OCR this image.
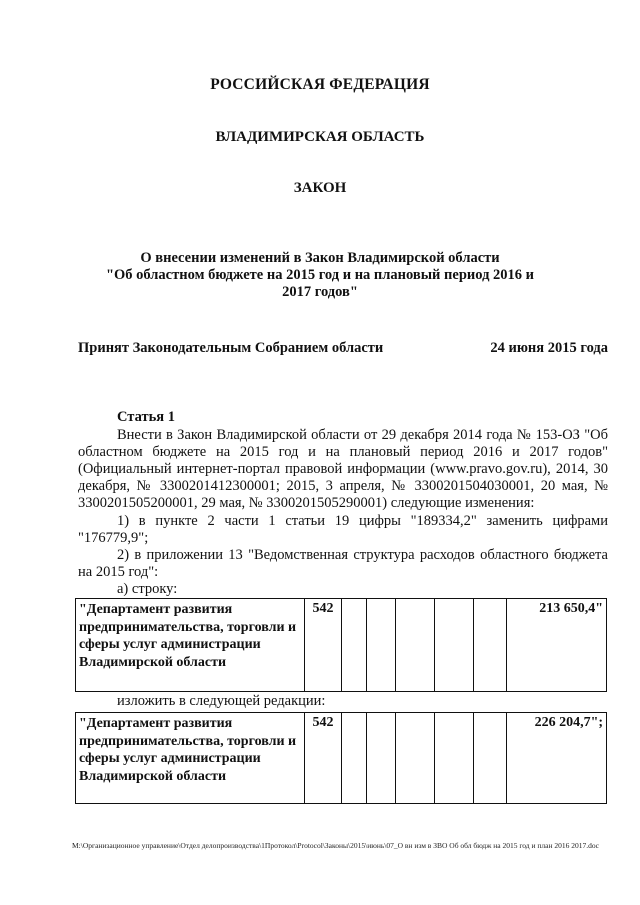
РОССИЙСКАЯ ФЕДЕРАЦИЯ
ВЛАДИМИРСКАЯ ОБЛАСТЬ
ЗАКОН
О внесении изменений в Закон Владимирской области
"Об областном бюджете на 2015 год и на плановый период 2016 и
2017 годов"
Принят Законодательным Собранием области	24 июня 2015 года
Статья 1
Внести в Закон Владимирской области от 29 декабря 2014 года № 153-ОЗ "Об областном бюджете на 2015 год и на плановый период 2016 и 2017 годов" (Официальный интернет-портал правовой информации (www.pravo.gov.ru), 2014, 30 декабря, № 3300201412300001; 2015, 3 апреля, № 3300201504030001, 20 мая, № 3300201505200001, 29 мая, № 3300201505290001) следующие изменения:
1) в пункте 2 части 1 статьи 19 цифры "189334,2" заменить цифрами "176779,9";
2) в приложении 13 "Ведомственная структура расходов областного бюджета на 2015 год":
а) строку:
"Департамент развития предпринимательства, торговли и сферы услуг администрации Владимирской области	542						213 650,4"
изложить в следующей редакции:
"Департамент развития предпринимательства, торговли и сферы услуг администрации Владимирской области	542						226 204,7";
M:\Организационное управление\Отдел делопроизводства\1Протокол\Protocol\Законы\2015\июнь\07_О вн изм в ЗВО Об обл бюдж на 2015 год и план 2016 2017.doc
